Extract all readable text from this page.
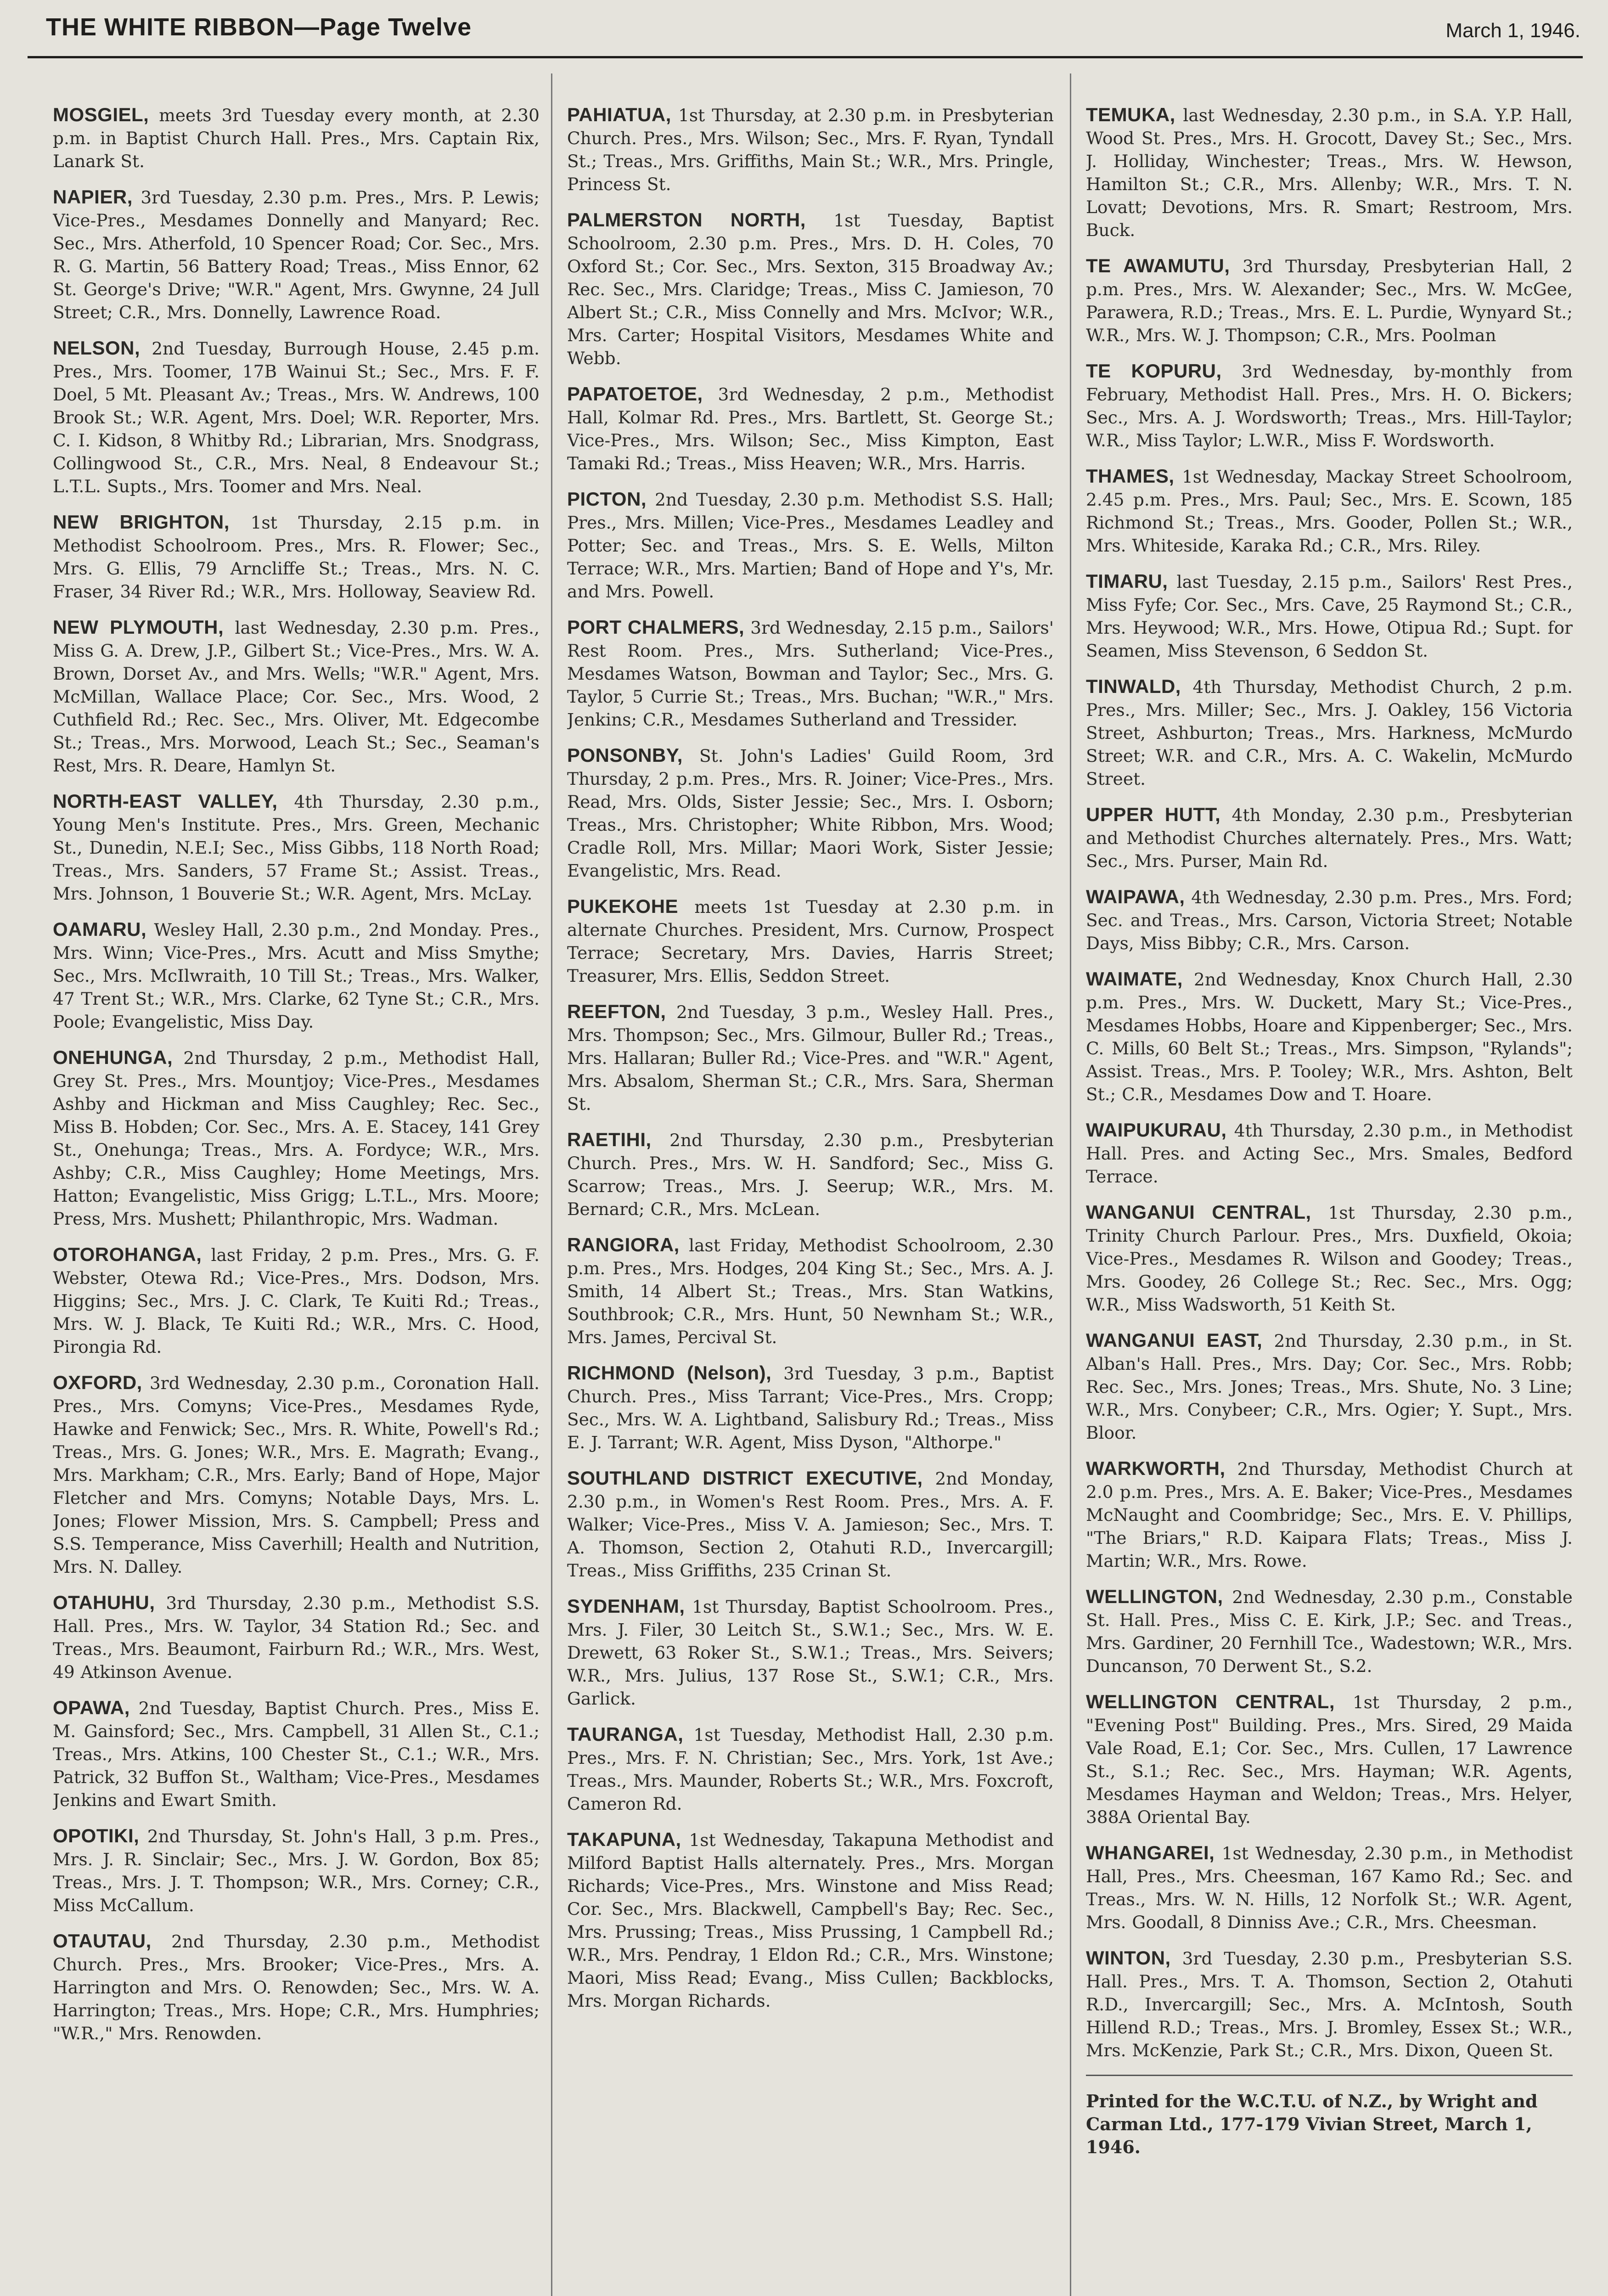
THE WHITE RIBBON—Page Twelve	March 1, 1946.

MOSGIEL, meets 3rd Tuesday every month, at 2.30 p.m. in Baptist Church Hall. Pres., Mrs. Captain Rix, Lanark St.

NAPIER, 3rd Tuesday, 2.30 p.m. Pres., Mrs. P. Lewis; Vice-Pres., Mesdames Donnelly and Manyard; Rec. Sec., Mrs. Atherfold, 10 Spencer Road; Cor. Sec., Mrs. R. G. Martin, 56 Battery Road; Treas., Miss Ennor, 62 St. George's Drive; "W.R." Agent, Mrs. Gwynne, 24 Jull Street; C.R., Mrs. Donnelly, Lawrence Road.

NELSON, 2nd Tuesday, Burrough House, 2.45 p.m. Pres., Mrs. Toomer, 17B Wainui St.; Sec., Mrs. F. F. Doel, 5 Mt. Pleasant Av.; Treas., Mrs. W. Andrews, 100 Brook St.; W.R. Agent, Mrs. Doel; W.R. Reporter, Mrs. C. I. Kidson, 8 Whitby Rd.; Librarian, Mrs. Snodgrass, Collingwood St., C.R., Mrs. Neal, 8 Endeavour St.; L.T.L. Supts., Mrs. Toomer and Mrs. Neal.

NEW BRIGHTON, 1st Thursday, 2.15 p.m. in Methodist Schoolroom. Pres., Mrs. R. Flower; Sec., Mrs. G. Ellis, 79 Arncliffe St.; Treas., Mrs. N. C. Fraser, 34 River Rd.; W.R., Mrs. Holloway, Seaview Rd.

NEW PLYMOUTH, last Wednesday, 2.30 p.m. Pres., Miss G. A. Drew, J.P., Gilbert St.; Vice-Pres., Mrs. W. A. Brown, Dorset Av., and Mrs. Wells; "W.R." Agent, Mrs. McMillan, Wallace Place; Cor. Sec., Mrs. Wood, 2 Cuthfield Rd.; Rec. Sec., Mrs. Oliver, Mt. Edgecombe St.; Treas., Mrs. Morwood, Leach St.; Sec., Seaman's Rest, Mrs. R. Deare, Hamlyn St.

NORTH-EAST VALLEY, 4th Thursday, 2.30 p.m., Young Men's Institute. Pres., Mrs. Green, Mechanic St., Dunedin, N.E.I; Sec., Miss Gibbs, 118 North Road; Treas., Mrs. Sanders, 57 Frame St.; Assist. Treas., Mrs. Johnson, 1 Bouverie St.; W.R. Agent, Mrs. McLay.

OAMARU, Wesley Hall, 2.30 p.m., 2nd Monday. Pres., Mrs. Winn; Vice-Pres., Mrs. Acutt and Miss Smythe; Sec., Mrs. McIlwraith, 10 Till St.; Treas., Mrs. Walker, 47 Trent St.; W.R., Mrs. Clarke, 62 Tyne St.; C.R., Mrs. Poole; Evangelistic, Miss Day.

ONEHUNGA, 2nd Thursday, 2 p.m., Methodist Hall, Grey St. Pres., Mrs. Mountjoy; Vice-Pres., Mesdames Ashby and Hickman and Miss Caughley; Rec. Sec., Miss B. Hobden; Cor. Sec., Mrs. A. E. Stacey, 141 Grey St., Onehunga; Treas., Mrs. A. Fordyce; W.R., Mrs. Ashby; C.R., Miss Caughley; Home Meetings, Mrs. Hatton; Evangelistic, Miss Grigg; L.T.L., Mrs. Moore; Press, Mrs. Mushett; Philanthropic, Mrs. Wadman.

OTOROHANGA, last Friday, 2 p.m. Pres., Mrs. G. F. Webster, Otewa Rd.; Vice-Pres., Mrs. Dodson, Mrs. Higgins; Sec., Mrs. J. C. Clark, Te Kuiti Rd.; Treas., Mrs. W. J. Black, Te Kuiti Rd.; W.R., Mrs. C. Hood, Pirongia Rd.

OXFORD, 3rd Wednesday, 2.30 p.m., Coronation Hall. Pres., Mrs. Comyns; Vice-Pres., Mesdames Ryde, Hawke and Fenwick; Sec., Mrs. R. White, Powell's Rd.; Treas., Mrs. G. Jones; W.R., Mrs. E. Magrath; Evang., Mrs. Markham; C.R., Mrs. Early; Band of Hope, Major Fletcher and Mrs. Comyns; Notable Days, Mrs. L. Jones; Flower Mission, Mrs. S. Campbell; Press and S.S. Temperance, Miss Caverhill; Health and Nutrition, Mrs. N. Dalley.

OTAHUHU, 3rd Thursday, 2.30 p.m., Methodist S.S. Hall. Pres., Mrs. W. Taylor, 34 Station Rd.; Sec. and Treas., Mrs. Beaumont, Fairburn Rd.; W.R., Mrs. West, 49 Atkinson Avenue.

OPAWA, 2nd Tuesday, Baptist Church. Pres., Miss E. M. Gainsford; Sec., Mrs. Campbell, 31 Allen St., C.1.; Treas., Mrs. Atkins, 100 Chester St., C.1.; W.R., Mrs. Patrick, 32 Buffon St., Waltham; Vice-Pres., Mesdames Jenkins and Ewart Smith.

OPOTIKI, 2nd Thursday, St. John's Hall, 3 p.m. Pres., Mrs. J. R. Sinclair; Sec., Mrs. J. W. Gordon, Box 85; Treas., Mrs. J. T. Thompson; W.R., Mrs. Corney; C.R., Miss McCallum.

OTAUTAU, 2nd Thursday, 2.30 p.m., Methodist Church. Pres., Mrs. Brooker; Vice-Pres., Mrs. A. Harrington and Mrs. O. Renowden; Sec., Mrs. W. A. Harrington; Treas., Mrs. Hope; C.R., Mrs. Humphries; "W.R.," Mrs. Renowden.

PAHIATUA, 1st Thursday, at 2.30 p.m. in Presbyterian Church. Pres., Mrs. Wilson; Sec., Mrs. F. Ryan, Tyndall St.; Treas., Mrs. Griffiths, Main St.; W.R., Mrs. Pringle, Princess St.

PALMERSTON NORTH, 1st Tuesday, Baptist Schoolroom, 2.30 p.m. Pres., Mrs. D. H. Coles, 70 Oxford St.; Cor. Sec., Mrs. Sexton, 315 Broadway Av.; Rec. Sec., Mrs. Claridge; Treas., Miss C. Jamieson, 70 Albert St.; C.R., Miss Connelly and Mrs. McIvor; W.R., Mrs. Carter; Hospital Visitors, Mesdames White and Webb.

PAPATOETOE, 3rd Wednesday, 2 p.m., Methodist Hall, Kolmar Rd. Pres., Mrs. Bartlett, St. George St.; Vice-Pres., Mrs. Wilson; Sec., Miss Kimpton, East Tamaki Rd.; Treas., Miss Heaven; W.R., Mrs. Harris.

PICTON, 2nd Tuesday, 2.30 p.m. Methodist S.S. Hall; Pres., Mrs. Millen; Vice-Pres., Mesdames Leadley and Potter; Sec. and Treas., Mrs. S. E. Wells, Milton Terrace; W.R., Mrs. Martien; Band of Hope and Y's, Mr. and Mrs. Powell.

PORT CHALMERS, 3rd Wednesday, 2.15 p.m., Sailors' Rest Room. Pres., Mrs. Sutherland; Vice-Pres., Mesdames Watson, Bowman and Taylor; Sec., Mrs. G. Taylor, 5 Currie St.; Treas., Mrs. Buchan; "W.R.," Mrs. Jenkins; C.R., Mesdames Sutherland and Tressider.

PONSONBY, St. John's Ladies' Guild Room, 3rd Thursday, 2 p.m. Pres., Mrs. R. Joiner; Vice-Pres., Mrs. Read, Mrs. Olds, Sister Jessie; Sec., Mrs. I. Osborn; Treas., Mrs. Christopher; White Ribbon, Mrs. Wood; Cradle Roll, Mrs. Millar; Maori Work, Sister Jessie; Evangelistic, Mrs. Read.

PUKEKOHE meets 1st Tuesday at 2.30 p.m. in alternate Churches. President, Mrs. Curnow, Prospect Terrace; Secretary, Mrs. Davies, Harris Street; Treasurer, Mrs. Ellis, Seddon Street.

REEFTON, 2nd Tuesday, 3 p.m., Wesley Hall. Pres., Mrs. Thompson; Sec., Mrs. Gilmour, Buller Rd.; Treas., Mrs. Hallaran; Buller Rd.; Vice-Pres. and "W.R." Agent, Mrs. Absalom, Sherman St.; C.R., Mrs. Sara, Sherman St.

RAETIHI, 2nd Thursday, 2.30 p.m., Presbyterian Church. Pres., Mrs. W. H. Sandford; Sec., Miss G. Scarrow; Treas., Mrs. J. Seerup; W.R., Mrs. M. Bernard; C.R., Mrs. McLean.

RANGIORA, last Friday, Methodist Schoolroom, 2.30 p.m. Pres., Mrs. Hodges, 204 King St.; Sec., Mrs. A. J. Smith, 14 Albert St.; Treas., Mrs. Stan Watkins, Southbrook; C.R., Mrs. Hunt, 50 Newnham St.; W.R., Mrs. James, Percival St.

RICHMOND (Nelson), 3rd Tuesday, 3 p.m., Baptist Church. Pres., Miss Tarrant; Vice-Pres., Mrs. Cropp; Sec., Mrs. W. A. Lightband, Salisbury Rd.; Treas., Miss E. J. Tarrant; W.R. Agent, Miss Dyson, "Althorpe."

SOUTHLAND DISTRICT EXECUTIVE, 2nd Monday, 2.30 p.m., in Women's Rest Room. Pres., Mrs. A. F. Walker; Vice-Pres., Miss V. A. Jamieson; Sec., Mrs. T. A. Thomson, Section 2, Otahuti R.D., Invercargill; Treas., Miss Griffiths, 235 Crinan St.

SYDENHAM, 1st Thursday, Baptist Schoolroom. Pres., Mrs. J. Filer, 30 Leitch St., S.W.1.; Sec., Mrs. W. E. Drewett, 63 Roker St., S.W.1.; Treas., Mrs. Seivers; W.R., Mrs. Julius, 137 Rose St., S.W.1; C.R., Mrs. Garlick.

TAURANGA, 1st Tuesday, Methodist Hall, 2.30 p.m. Pres., Mrs. F. N. Christian; Sec., Mrs. York, 1st Ave.; Treas., Mrs. Maunder, Roberts St.; W.R., Mrs. Foxcroft, Cameron Rd.

TAKAPUNA, 1st Wednesday, Takapuna Methodist and Milford Baptist Halls alternately. Pres., Mrs. Morgan Richards; Vice-Pres., Mrs. Winstone and Miss Read; Cor. Sec., Mrs. Blackwell, Campbell's Bay; Rec. Sec., Mrs. Prussing; Treas., Miss Prussing, 1 Campbell Rd.; W.R., Mrs. Pendray, 1 Eldon Rd.; C.R., Mrs. Winstone; Maori, Miss Read; Evang., Miss Cullen; Backblocks, Mrs. Morgan Richards.

TEMUKA, last Wednesday, 2.30 p.m., in S.A. Y.P. Hall, Wood St. Pres., Mrs. H. Grocott, Davey St.; Sec., Mrs. J. Holliday, Winchester; Treas., Mrs. W. Hewson, Hamilton St.; C.R., Mrs. Allenby; W.R., Mrs. T. N. Lovatt; Devotions, Mrs. R. Smart; Restroom, Mrs. Buck.

TE AWAMUTU, 3rd Thursday, Presbyterian Hall, 2 p.m. Pres., Mrs. W. Alexander; Sec., Mrs. W. McGee, Parawera, R.D.; Treas., Mrs. E. L. Purdie, Wynyard St.; W.R., Mrs. W. J. Thompson; C.R., Mrs. Poolman

TE KOPURU, 3rd Wednesday, by-monthly from February, Methodist Hall. Pres., Mrs. H. O. Bickers; Sec., Mrs. A. J. Wordsworth; Treas., Mrs. Hill-Taylor; W.R., Miss Taylor; L.W.R., Miss F. Wordsworth.

THAMES, 1st Wednesday, Mackay Street Schoolroom, 2.45 p.m. Pres., Mrs. Paul; Sec., Mrs. E. Scown, 185 Richmond St.; Treas., Mrs. Gooder, Pollen St.; W.R., Mrs. Whiteside, Karaka Rd.; C.R., Mrs. Riley.

TIMARU, last Tuesday, 2.15 p.m., Sailors' Rest Pres., Miss Fyfe; Cor. Sec., Mrs. Cave, 25 Raymond St.; C.R., Mrs. Heywood; W.R., Mrs. Howe, Otipua Rd.; Supt. for Seamen, Miss Stevenson, 6 Seddon St.

TINWALD, 4th Thursday, Methodist Church, 2 p.m. Pres., Mrs. Miller; Sec., Mrs. J. Oakley, 156 Victoria Street, Ashburton; Treas., Mrs. Harkness, McMurdo Street; W.R. and C.R., Mrs. A. C. Wakelin, McMurdo Street.

UPPER HUTT, 4th Monday, 2.30 p.m., Presbyterian and Methodist Churches alternately. Pres., Mrs. Watt; Sec., Mrs. Purser, Main Rd.

WAIPAWA, 4th Wednesday, 2.30 p.m. Pres., Mrs. Ford; Sec. and Treas., Mrs. Carson, Victoria Street; Notable Days, Miss Bibby; C.R., Mrs. Carson.

WAIMATE, 2nd Wednesday, Knox Church Hall, 2.30 p.m. Pres., Mrs. W. Duckett, Mary St.; Vice-Pres., Mesdames Hobbs, Hoare and Kippenberger; Sec., Mrs. C. Mills, 60 Belt St.; Treas., Mrs. Simpson, "Rylands"; Assist. Treas., Mrs. P. Tooley; W.R., Mrs. Ashton, Belt St.; C.R., Mesdames Dow and T. Hoare.

WAIPUKURAU, 4th Thursday, 2.30 p.m., in Methodist Hall. Pres. and Acting Sec., Mrs. Smales, Bedford Terrace.

WANGANUI CENTRAL, 1st Thursday, 2.30 p.m., Trinity Church Parlour. Pres., Mrs. Duxfield, Okoia; Vice-Pres., Mesdames R. Wilson and Goodey; Treas., Mrs. Goodey, 26 College St.; Rec. Sec., Mrs. Ogg; W.R., Miss Wadsworth, 51 Keith St.

WANGANUI EAST, 2nd Thursday, 2.30 p.m., in St. Alban's Hall. Pres., Mrs. Day; Cor. Sec., Mrs. Robb; Rec. Sec., Mrs. Jones; Treas., Mrs. Shute, No. 3 Line; W.R., Mrs. Conybeer; C.R., Mrs. Ogier; Y. Supt., Mrs. Bloor.

WARKWORTH, 2nd Thursday, Methodist Church at 2.0 p.m. Pres., Mrs. A. E. Baker; Vice-Pres., Mesdames McNaught and Coombridge; Sec., Mrs. E. V. Phillips, "The Briars," R.D. Kaipara Flats; Treas., Miss J. Martin; W.R., Mrs. Rowe.

WELLINGTON, 2nd Wednesday, 2.30 p.m., Constable St. Hall. Pres., Miss C. E. Kirk, J.P.; Sec. and Treas., Mrs. Gardiner, 20 Fernhill Tce., Wadestown; W.R., Mrs. Duncanson, 70 Derwent St., S.2.

WELLINGTON CENTRAL, 1st Thursday, 2 p.m., "Evening Post" Building. Pres., Mrs. Sired, 29 Maida Vale Road, E.1; Cor. Sec., Mrs. Cullen, 17 Lawrence St., S.1.; Rec. Sec., Mrs. Hayman; W.R. Agents, Mesdames Hayman and Weldon; Treas., Mrs. Helyer, 388A Oriental Bay.

WHANGAREI, 1st Wednesday, 2.30 p.m., in Methodist Hall, Pres., Mrs. Cheesman, 167 Kamo Rd.; Sec. and Treas., Mrs. W. N. Hills, 12 Norfolk St.; W.R. Agent, Mrs. Goodall, 8 Dinniss Ave.; C.R., Mrs. Cheesman.

WINTON, 3rd Tuesday, 2.30 p.m., Presbyterian S.S. Hall. Pres., Mrs. T. A. Thomson, Section 2, Otahuti R.D., Invercargill; Sec., Mrs. A. McIntosh, South Hillend R.D.; Treas., Mrs. J. Bromley, Essex St.; W.R., Mrs. McKenzie, Park St.; C.R., Mrs. Dixon, Queen St.

Printed for the W.C.T.U. of N.Z., by Wright and Carman Ltd., 177-179 Vivian Street, March 1, 1946.
